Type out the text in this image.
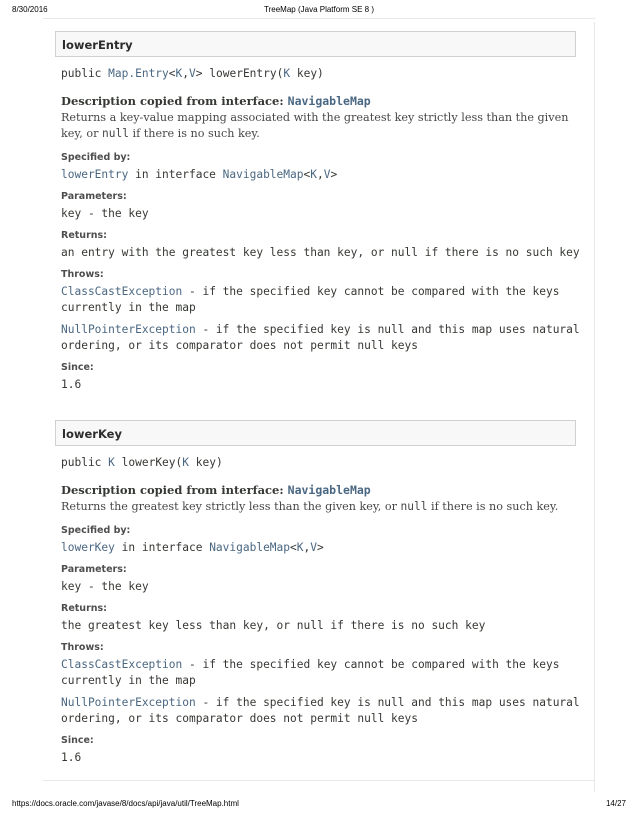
8/30/2016	TreeMap (Java Platform SE 8 )
lowerEntry
public Map.Entry<K,V> lowerEntry(K key)
Description copied from interface: NavigableMap
Returns a key-value mapping associated with the greatest key strictly less than the given
key, or null if there is no such key.
Specified by:
lowerEntry in interface NavigableMap<K,V>
Parameters:
key - the key
Returns:
an entry with the greatest key less than key, or null if there is no such key
Throws:
ClassCastException - if the specified key cannot be compared with the keys
currently in the map
NullPointerException - if the specified key is null and this map uses natural
ordering, or its comparator does not permit null keys
Since:
1.6
lowerKey
public K lowerKey(K key)
Description copied from interface: NavigableMap
Returns the greatest key strictly less than the given key, or null if there is no such key.
Specified by:
lowerKey in interface NavigableMap<K,V>
Parameters:
key - the key
Returns:
the greatest key less than key, or null if there is no such key
Throws:
ClassCastException - if the specified key cannot be compared with the keys
currently in the map
NullPointerException - if the specified key is null and this map uses natural
ordering, or its comparator does not permit null keys
Since:
1.6
https://docs.oracle.com/javase/8/docs/api/java/util/TreeMap.html	14/27
